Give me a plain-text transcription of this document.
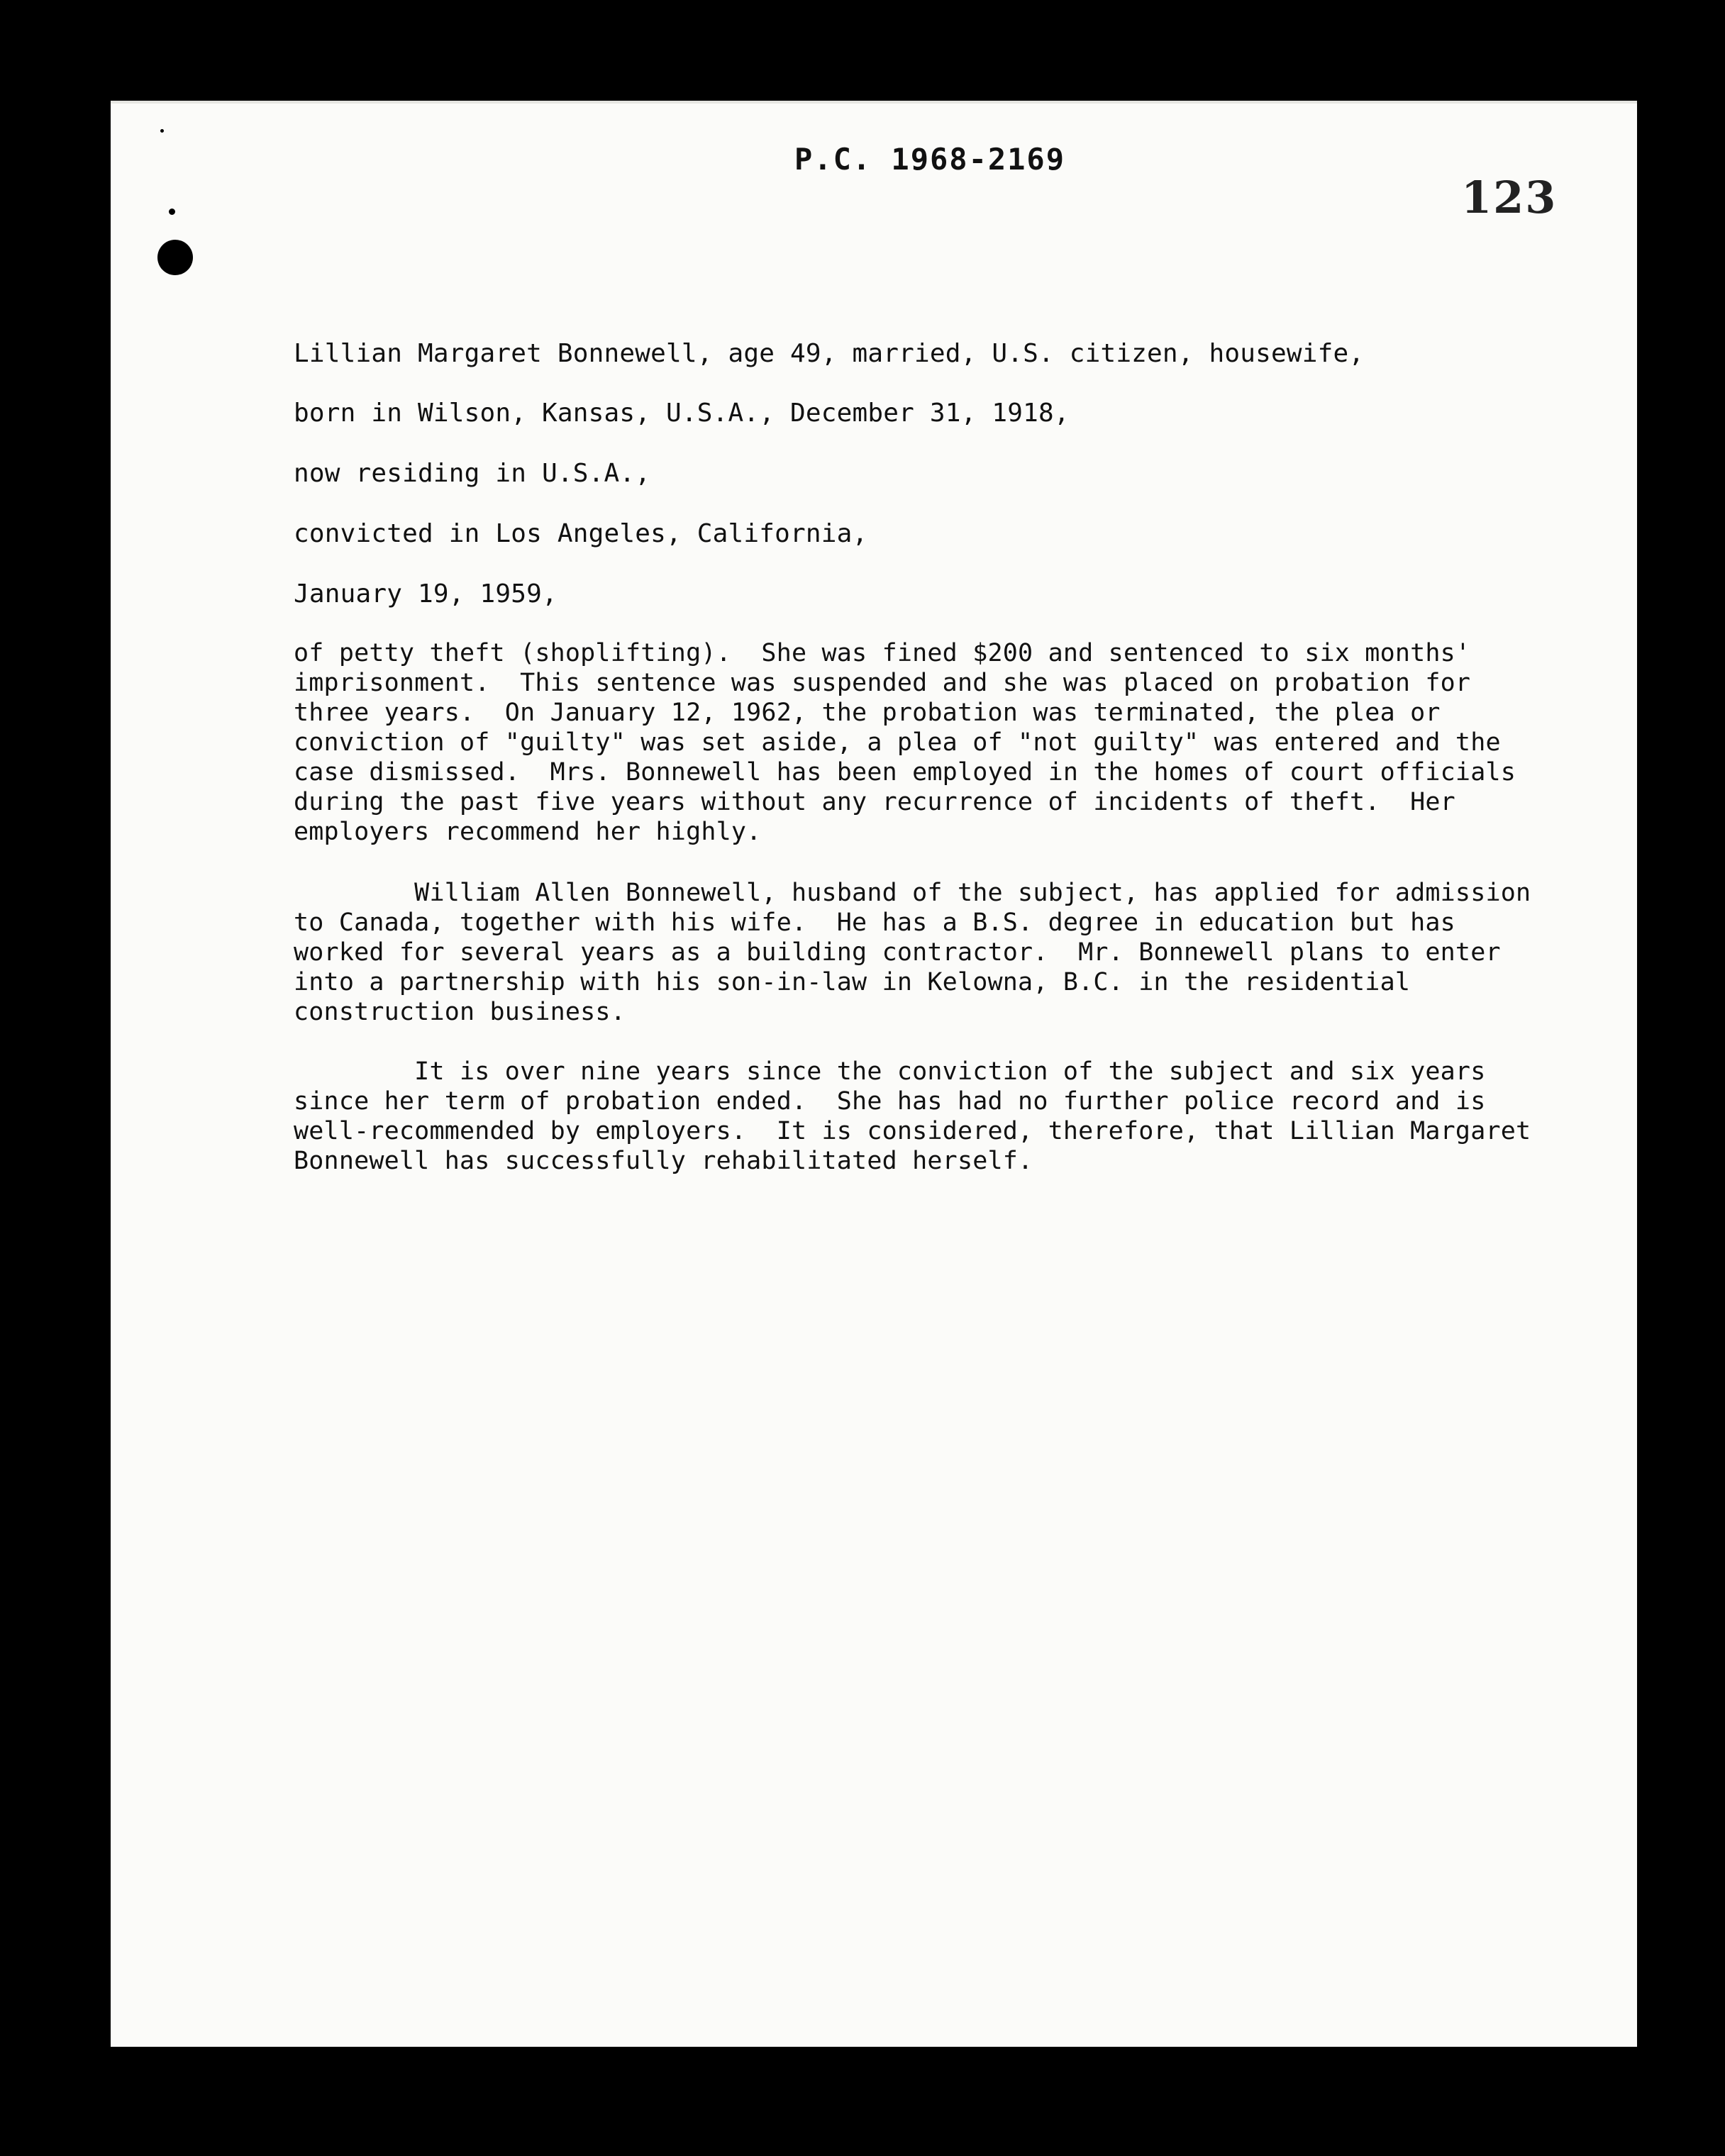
P.C. 1968-2169
123
Lillian Margaret Bonnewell, age 49, married, U.S. citizen, housewife,
born in Wilson, Kansas, U.S.A., December 31, 1918,
now residing in U.S.A.,
convicted in Los Angeles, California,
January 19, 1959,
of petty theft (shoplifting).  She was fined $200 and sentenced to six months'
imprisonment.  This sentence was suspended and she was placed on probation for
three years.  On January 12, 1962, the probation was terminated, the plea or
conviction of "guilty" was set aside, a plea of "not guilty" was entered and the
case dismissed.  Mrs. Bonnewell has been employed in the homes of court officials
during the past five years without any recurrence of incidents of theft.  Her
employers recommend her highly.
William Allen Bonnewell, husband of the subject, has applied for admission
to Canada, together with his wife.  He has a B.S. degree in education but has
worked for several years as a building contractor.  Mr. Bonnewell plans to enter
into a partnership with his son-in-law in Kelowna, B.C. in the residential
construction business.
It is over nine years since the conviction of the subject and six years
since her term of probation ended.  She has had no further police record and is
well-recommended by employers.  It is considered, therefore, that Lillian Margaret
Bonnewell has successfully rehabilitated herself.
